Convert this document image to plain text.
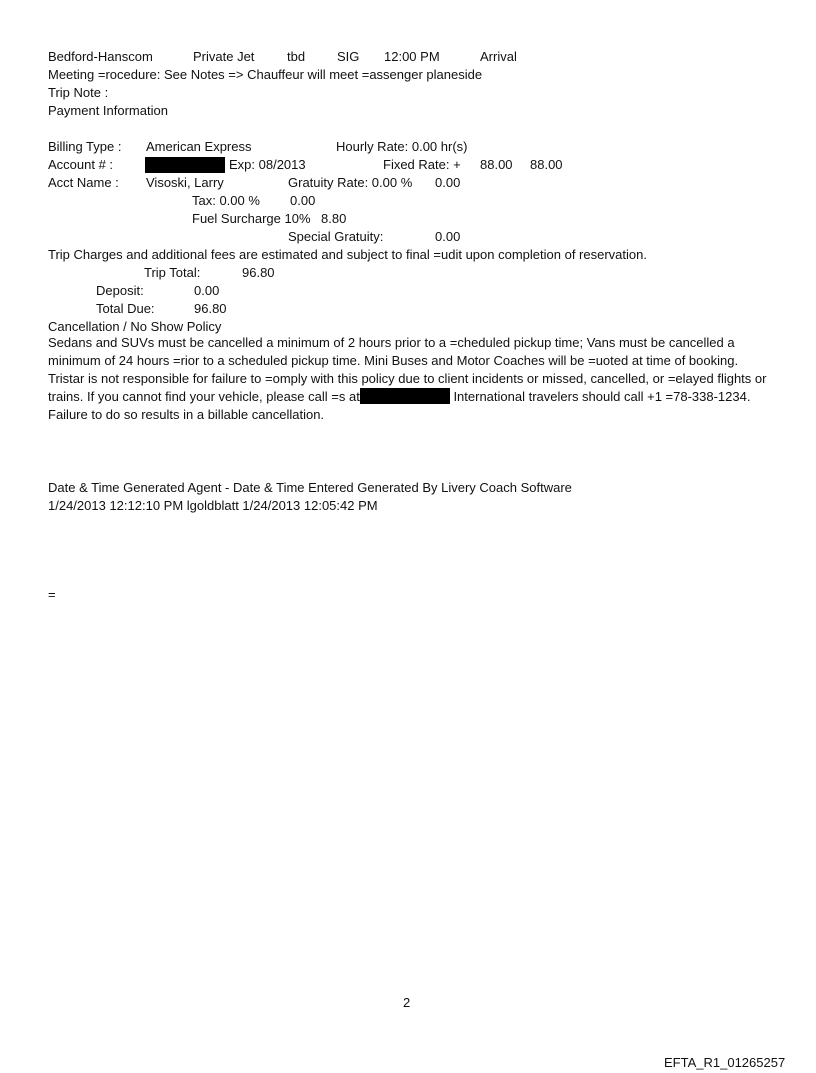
Bedford-Hanscom	Private Jet	tbd SIG 12:00 PM	Arrival
Meeting =rocedure: See Notes => Chauffeur will meet =assenger planeside
Trip Note :
Payment Information
Billing Type : American Express	Hourly Rate: 0.00 hr(s)
Account # :	Exp: 08/2013	Fixed Rate: + 88.00 88.00
Acct Name : Visoski, Larry	Gratuity Rate: 0.00 % 0.00
Tax: 0.00 % 0.00
Fuel Surcharge 10% 8.80
Special Gratuity:	0.00
Trip Charges and additional fees are estimated and subject to final =udit upon completion of reservation.
Trip Total:	96.80
Deposit:	0.00
Total Due:	96.80
Cancellation / No Show Policy
Sedans and SUVs must be cancelled a minimum of 2 hours prior to a =cheduled pickup time; Vans must be cancelled a minimum of 24 hours =rior to a scheduled pickup time. Mini Buses and Motor Coaches will be =uoted at time of booking. Tristar is not responsible for failure to =omply with this policy due to client incidents or missed, cancelled, or =elayed flights or trains. If you cannot find your vehicle, please call =s at	International travelers should call +1 =78-338-1234. Failure to do so results in a billable cancellation.
Date & Time Generated Agent - Date & Time Entered Generated By Livery Coach Software
1/24/2013 12:12:10 PM lgoldblatt 1/24/2013 12:05:42 PM
=
2
EFTA_R1_01265257
